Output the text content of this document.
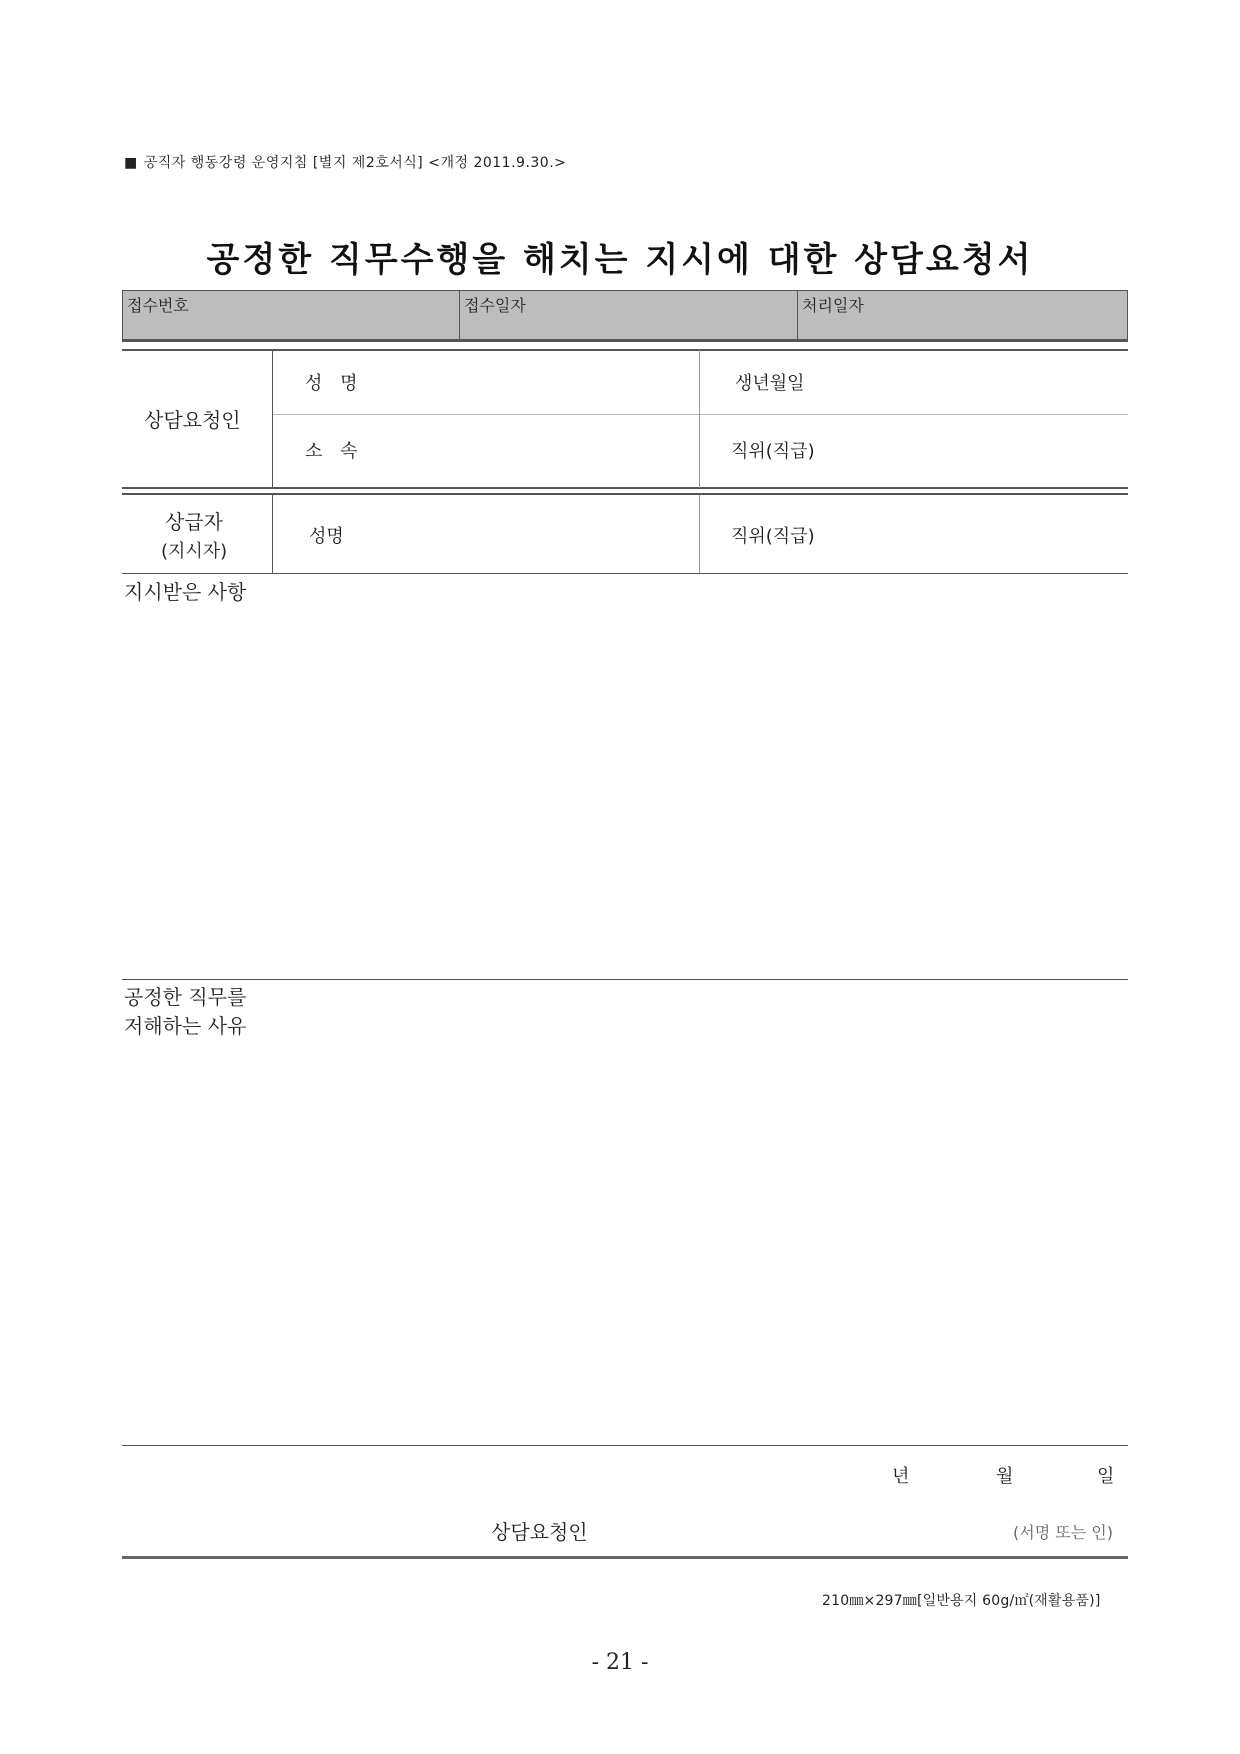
■ 공직자 행동강령 운영지침 [별지 제2호서식] <개정 2011.9.30.>
공정한 직무수행을 해치는 지시에 대한 상담요청서
접수번호	접수일자	처리일자
상담요청인
성 명	생년월일
소 속	직위(직급)
상급자
(지시자)
성명	직위(직급)
지시받은 사항
공정한 직무를
저해하는 사유
년	월	일
상담요청인	(서명 또는 인)
210㎜×297㎜[일반용지 60g/㎡(재활용품)]
- 21 -
